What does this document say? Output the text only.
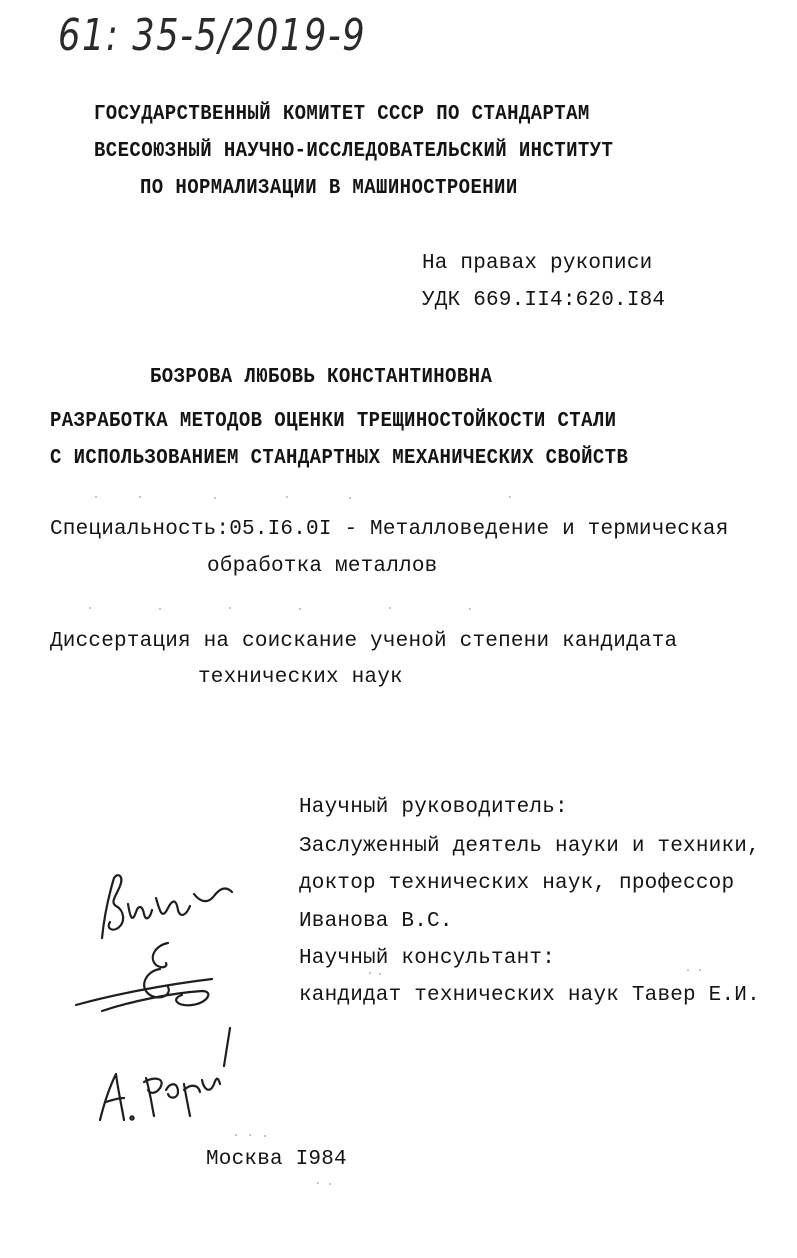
61: 35-5/2019-9
ГОСУДАРСТВЕННЫЙ КОМИТЕТ СССР ПО СТАНДАРТАМ
ВСЕСОЮЗНЫЙ НАУЧНО-ИССЛЕДОВАТЕЛЬСКИЙ ИНСТИТУТ
ПО НОРМАЛИЗАЦИИ В МАШИНОСТРОЕНИИ
На правах рукописи
УДК 669.II4:620.I84
БОЗРОВА ЛЮБОВЬ КОНСТАНТИНОВНА
РАЗРАБОТКА МЕТОДОВ ОЦЕНКИ ТРЕЩИНОСТОЙКОСТИ СТАЛИ
С ИСПОЛЬЗОВАНИЕМ СТАНДАРТНЫХ МЕХАНИЧЕСКИХ СВОЙСТВ
Специальность:05.I6.0I - Металловедение и термическая
обработка металлов
Диссертация на соискание ученой степени кандидата
технических наук
Научный руководитель:
Заслуженный деятель науки и техники,
доктор технических наук, профессор
Иванова В.С.
Научный консультант:
кандидат технических наук Тавер Е.И.
Москва I984
